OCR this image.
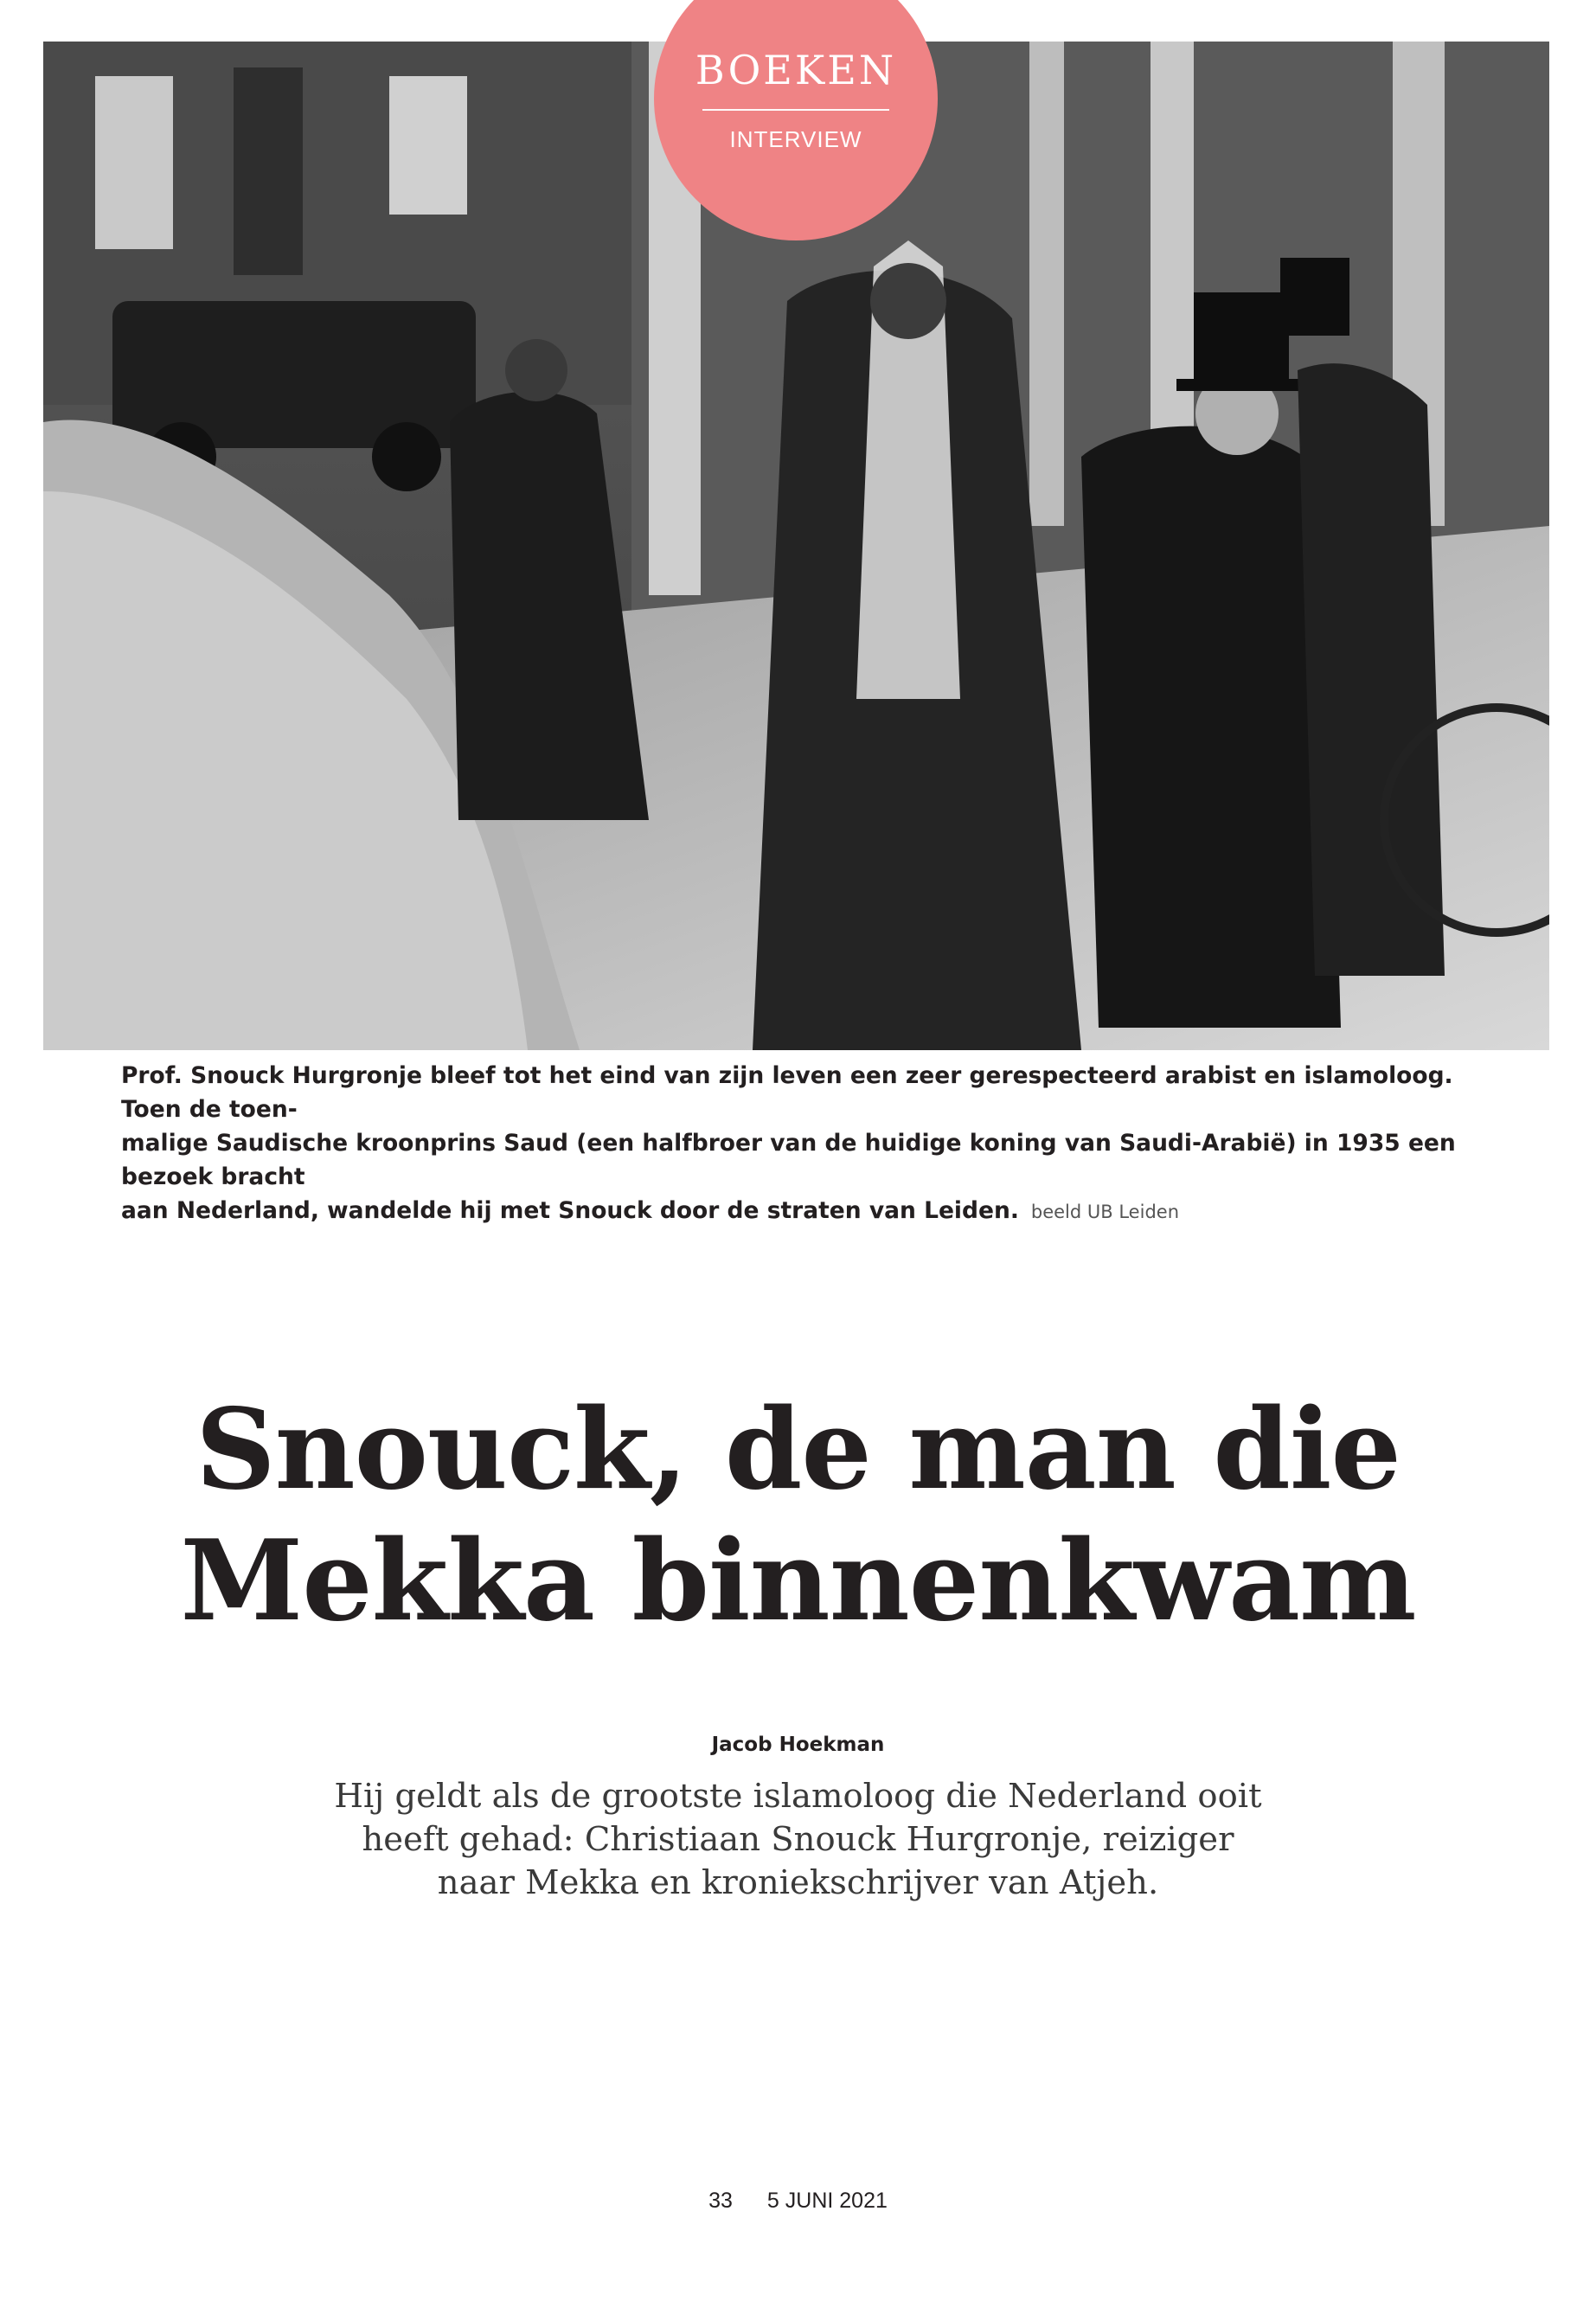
BOEKEN
INTERVIEW
Prof. Snouck Hurgronje bleef tot het eind van zijn leven een zeer gerespecteerd arabist en islamoloog. Toen de toen-
malige Saudische kroonprins Saud (een halfbroer van de huidige koning van Saudi-Arabië) in 1935 een bezoek bracht
aan Nederland, wandelde hij met Snouck door de straten van Leiden. beeld UB Leiden
Snouck, de man die
Mekka binnenkwam
Jacob Hoekman
Hij geldt als de grootste islamoloog die Nederland ooit
heeft gehad: Christiaan Snouck Hurgronje, reiziger
naar Mekka en kroniekschrijver van Atjeh.
33 5 JUNI 2021
